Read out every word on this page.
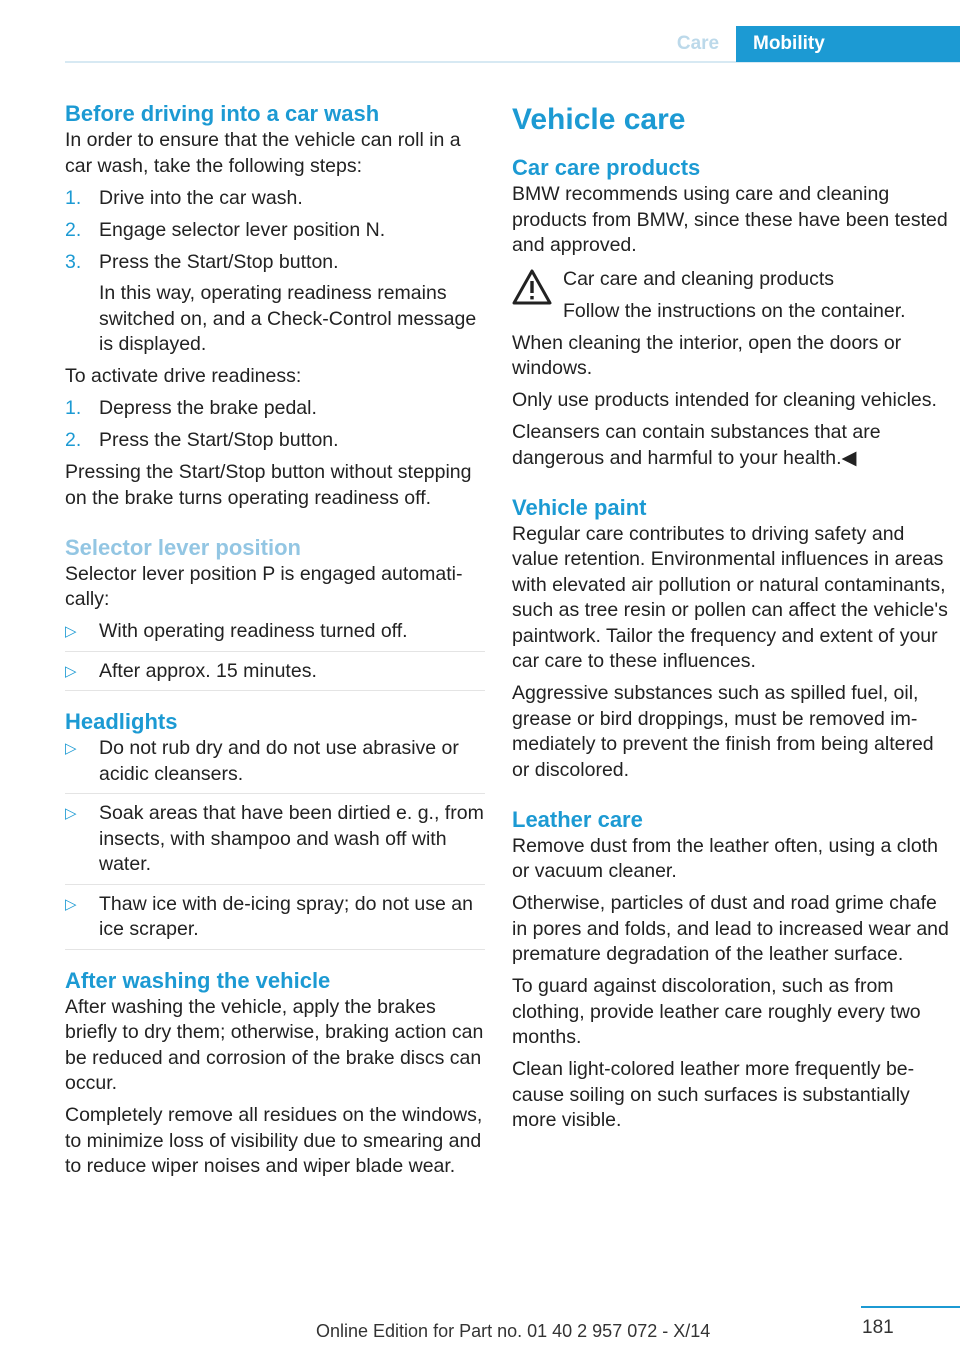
Care	Mobility
Before driving into a car wash

In order to ensure that the vehicle can roll in a car wash, take the following steps:

1. Drive into the car wash.
2. Engage selector lever position N.
3. Press the Start/Stop button.
In this way, operating readiness remains switched on, and a Check-Control message is displayed.

To activate drive readiness:

1. Depress the brake pedal.
2. Press the Start/Stop button.

Pressing the Start/Stop button without stepping on the brake turns operating readiness off.

Selector lever position

Selector lever position P is engaged automatically:

▷ With operating readiness turned off.
▷ After approx. 15 minutes.
Headlights
▷ Do not rub dry and do not use abrasive or acidic cleansers.
▷ Soak areas that have been dirtied e. g., from insects, with shampoo and wash off with water.
▷ Thaw ice with de-icing spray; do not use an ice scraper.
After washing the vehicle

After washing the vehicle, apply the brakes briefly to dry them; otherwise, braking action can be reduced and corrosion of the brake discs can occur.

Completely remove all residues on the windows, to minimize loss of visibility due to smearing and to reduce wiper noises and wiper blade wear.

Vehicle care
Car care products

BMW recommends using care and cleaning products from BMW, since these have been tested and approved.

Car care and cleaning products
Follow the instructions on the container.

When cleaning the interior, open the doors or windows.

Only use products intended for cleaning vehicles.

Cleansers can contain substances that are dangerous and harmful to your health.◀

Vehicle paint

Regular care contributes to driving safety and value retention. Environmental influences in areas with elevated air pollution or natural contaminants, such as tree resin or pollen can affect the vehicle's paintwork. Tailor the frequency and extent of your car care to these influences.

Aggressive substances such as spilled fuel, oil, grease or bird droppings, must be removed immediately to prevent the finish from being altered or discolored.

Leather care

Remove dust from the leather often, using a cloth or vacuum cleaner.

Otherwise, particles of dust and road grime chafe in pores and folds, and lead to increased wear and premature degradation of the leather surface.

To guard against discoloration, such as from clothing, provide leather care roughly every two months.

Clean light-colored leather more frequently because soiling on such surfaces is substantially more visible.

181
Online Edition for Part no. 01 40 2 957 072 - X/14
